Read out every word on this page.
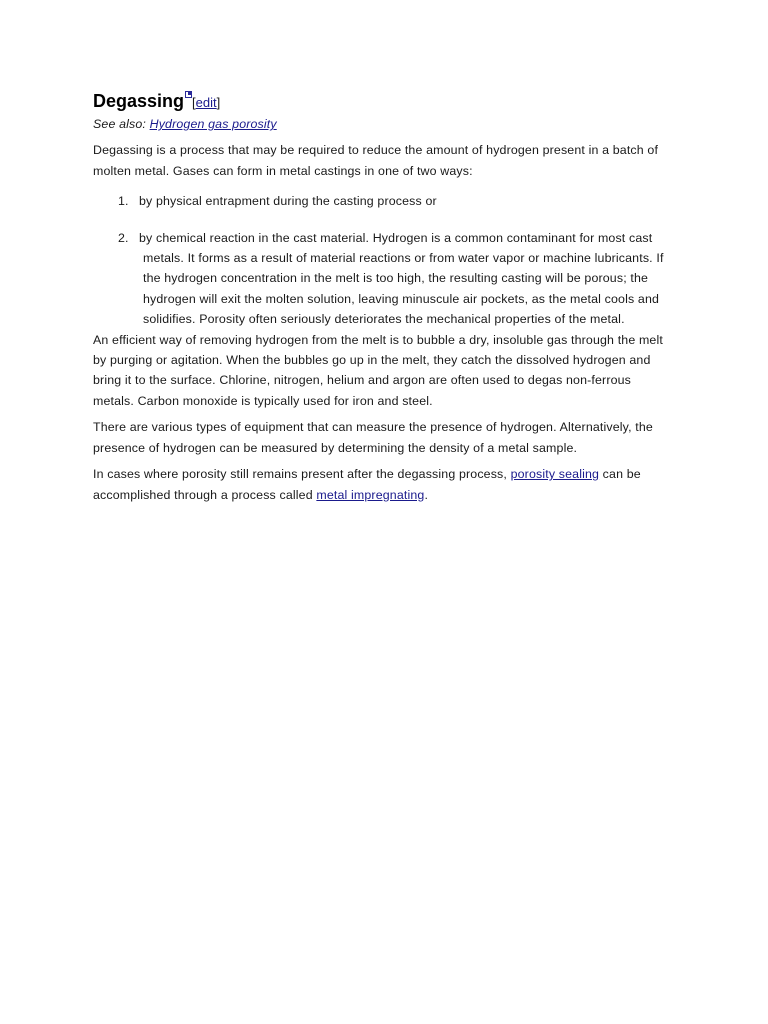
Degassing [edit]
See also: Hydrogen gas porosity

Degassing is a process that may be required to reduce the amount of hydrogen present in a batch of molten metal. Gases can form in metal castings in one of two ways:

1. by physical entrapment during the casting process or
2. by chemical reaction in the cast material. Hydrogen is a common contaminant for most cast metals. It forms as a result of material reactions or from water vapor or machine lubricants. If the hydrogen concentration in the melt is too high, the resulting casting will be porous; the hydrogen will exit the molten solution, leaving minuscule air pockets, as the metal cools and solidifies. Porosity often seriously deteriorates the mechanical properties of the metal.

An efficient way of removing hydrogen from the melt is to bubble a dry, insoluble gas through the melt by purging or agitation. When the bubbles go up in the melt, they catch the dissolved hydrogen and bring it to the surface. Chlorine, nitrogen, helium and argon are often used to degas non-ferrous metals. Carbon monoxide is typically used for iron and steel.

There are various types of equipment that can measure the presence of hydrogen. Alternatively, the presence of hydrogen can be measured by determining the density of a metal sample.

In cases where porosity still remains present after the degassing process, porosity sealing can be accomplished through a process called metal impregnating.
